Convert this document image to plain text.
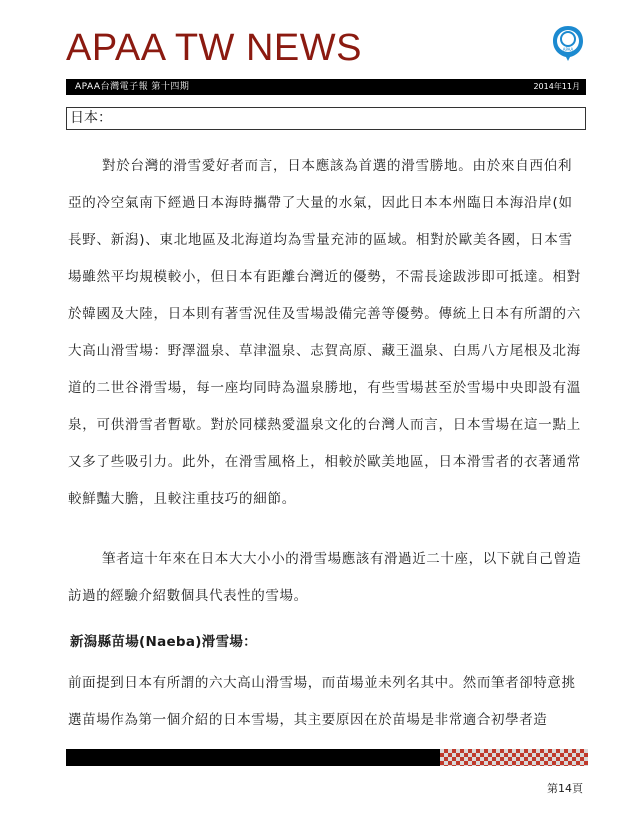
APAA TW NEWS	APAA
APAA台灣電子報 第十四期	2014年11月
日本：

對於台灣的滑雪愛好者而言，日本應該為首選的滑雪勝地。由於來自西伯利亞的冷空氣南下經過日本海時攜帶了大量的水氣，因此日本本州臨日本海沿岸(如長野、新潟)、東北地區及北海道均為雪量充沛的區域。相對於歐美各國，日本雪場雖然平均規模較小，但日本有距離台灣近的優勢，不需長途跋涉即可抵達。相對於韓國及大陸，日本則有著雪況佳及雪場設備完善等優勢。傳統上日本有所謂的六大高山滑雪場：野澤溫泉、草津溫泉、志賀高原、藏王溫泉、白馬八方尾根及北海道的二世谷滑雪場，每一座均同時為溫泉勝地，有些雪場甚至於雪場中央即設有溫泉，可供滑雪者暫歇。對於同樣熱愛溫泉文化的台灣人而言，日本雪場在這一點上又多了些吸引力。此外，在滑雪風格上，相較於歐美地區，日本滑雪者的衣著通常較鮮豔大膽，且較注重技巧的細節。

筆者這十年來在日本大大小小的滑雪場應該有滑過近二十座，以下就自己曾造訪過的經驗介紹數個具代表性的雪場。

新潟縣苗場(Naeba)滑雪場：

前面提到日本有所謂的六大高山滑雪場，而苗場並未列名其中。然而筆者卻特意挑選苗場作為第一個介紹的日本雪場，其主要原因在於苗場是非常適合初學者造

第14頁
